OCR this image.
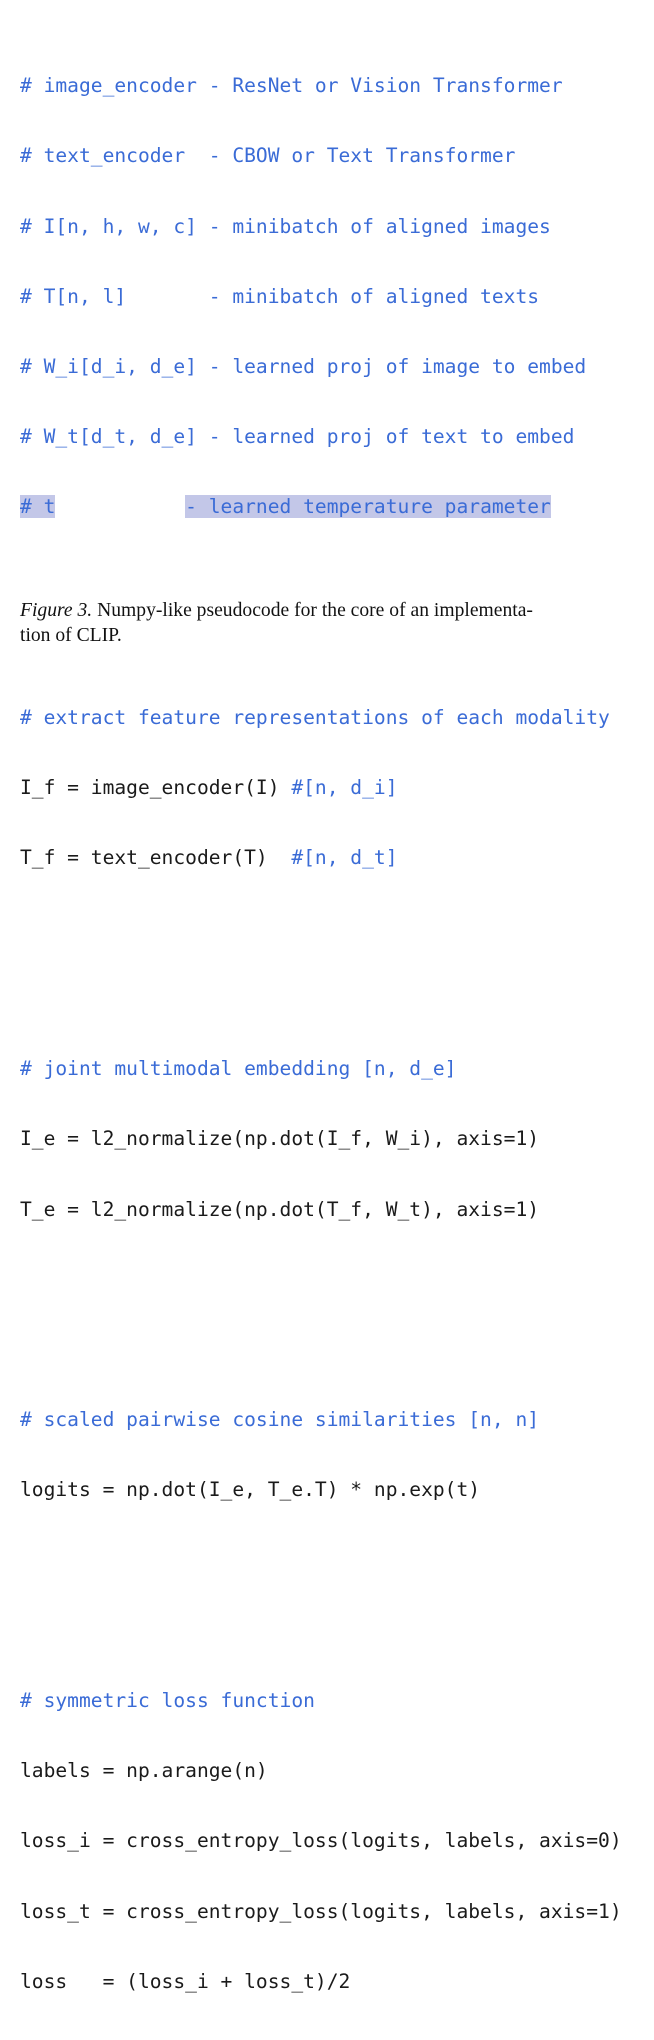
# image_encoder - ResNet or Vision Transformer

# text_encoder  - CBOW or Text Transformer

# I[n, h, w, c] - minibatch of aligned images

# T[n, l]       - minibatch of aligned texts

# W_i[d_i, d_e] - learned proj of image to embed

# W_t[d_t, d_e] - learned proj of text to embed

# t	- learned temperature parameter

# extract feature representations of each modality

I_f = image_encoder(I) #[n, d_i]

T_f = text_encoder(T)  #[n, d_t]

# joint multimodal embedding [n, d_e]

I_e = l2_normalize(np.dot(I_f, W_i), axis=1)

T_e = l2_normalize(np.dot(T_f, W_t), axis=1)

# scaled pairwise cosine similarities [n, n]

logits = np.dot(I_e, T_e.T) * np.exp(t)

# symmetric loss function

labels = np.arange(n)

loss_i = cross_entropy_loss(logits, labels, axis=0)

loss_t = cross_entropy_loss(logits, labels, axis=1)

loss   = (loss_i + loss_t)/2

Figure 3. Numpy-like pseudocode for the core of an implementa-
tion of CLIP.
